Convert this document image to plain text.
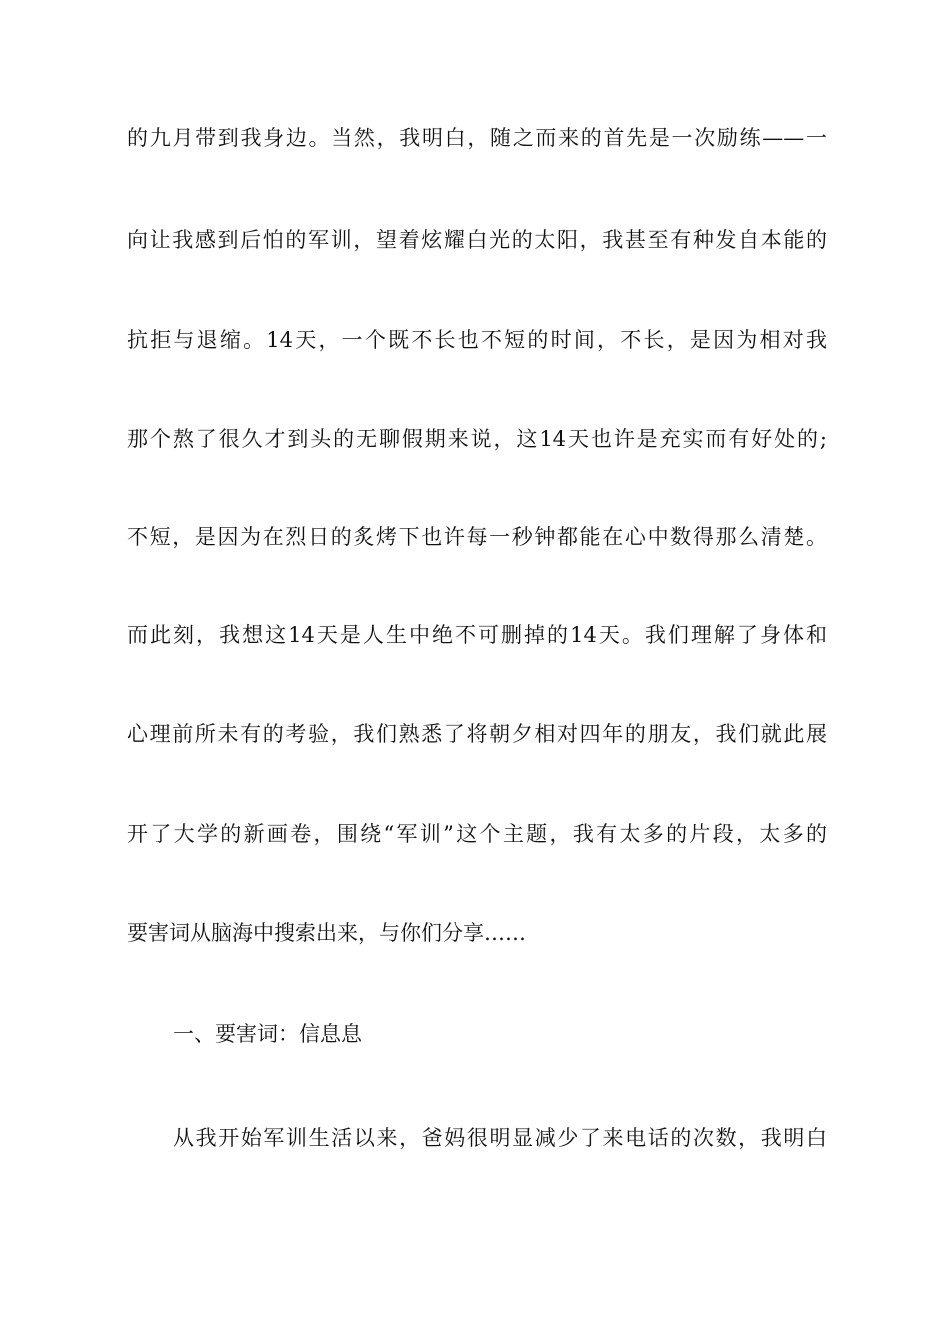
的九月带到我身边。当然，我明白，随之而来的首先是一次励练——一
向让我感到后怕的军训，望着炫耀白光的太阳，我甚至有种发自本能的
抗拒与退缩。14天，一个既不长也不短的时间，不长，是因为相对我
那个熬了很久才到头的无聊假期来说，这14天也许是充实而有好处的;
不短，是因为在烈日的炙烤下也许每一秒钟都能在心中数得那么清楚。
而此刻，我想这14天是人生中绝不可删掉的14天。我们理解了身体和
心理前所未有的考验，我们熟悉了将朝夕相对四年的朋友，我们就此展
开了大学的新画卷，围绕“军训”这个主题，我有太多的片段，太多的
要害词从脑海中搜索出来，与你们分享……
一、要害词：信息息
从我开始军训生活以来，爸妈很明显减少了来电话的次数，我明白
